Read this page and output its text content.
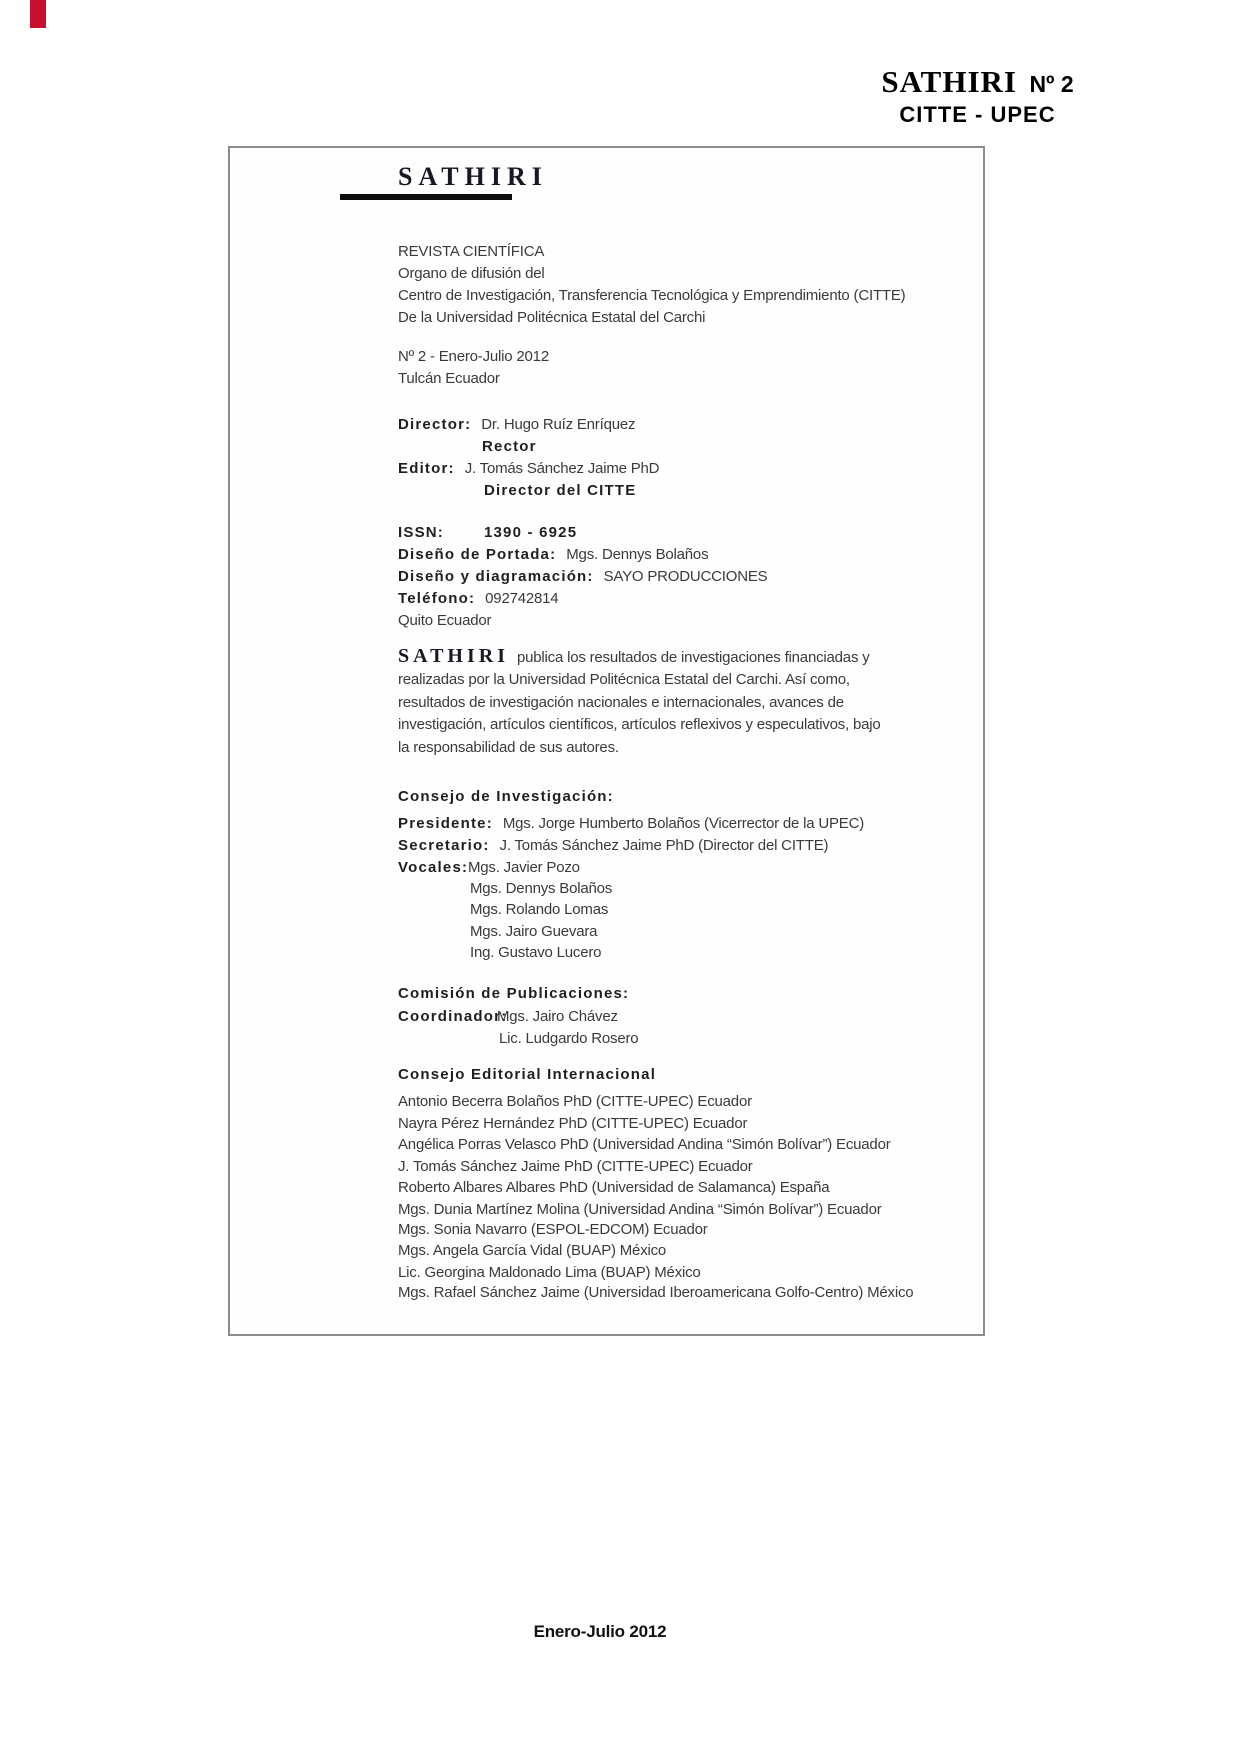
SATHIRI Nº 2
CITTE - UPEC
SATHIRI
REVISTA CIENTÍFICA
Organo de difusión del
Centro de Investigación, Transferencia Tecnológica y Emprendimiento (CITTE)
De la Universidad Politécnica Estatal del Carchi
Nº 2 - Enero-Julio 2012
Tulcán Ecuador
Director: Dr. Hugo Ruíz Enríquez
Rector
Editor: J. Tomás Sánchez Jaime PhD
Director del CITTE
ISSN:	1390 - 6925
Diseño de Portada: Mgs. Dennys Bolaños
Diseño y diagramación: SAYO PRODUCCIONES
Teléfono: 092742814
Quito Ecuador
SATHIRI publica los resultados de investigaciones financiadas y realizadas por la Universidad Politécnica Estatal del Carchi. Así como, resultados de investigación nacionales e internacionales, avances de investigación, artículos científicos, artículos reflexivos y especulativos, bajo la responsabilidad de sus autores.
Consejo de Investigación:
Presidente: Mgs. Jorge Humberto Bolaños (Vicerrector de la UPEC)
Secretario: J. Tomás Sánchez Jaime PhD (Director del CITTE)
Vocales: Mgs. Javier Pozo
Mgs. Dennys Bolaños
Mgs. Rolando Lomas
Mgs. Jairo Guevara
Ing. Gustavo Lucero
Comisión de Publicaciones:
Coordinador: Mgs. Jairo Chávez
Lic. Ludgardo Rosero
Consejo Editorial Internacional
Antonio Becerra Bolaños PhD (CITTE-UPEC) Ecuador
Nayra Pérez Hernández PhD (CITTE-UPEC) Ecuador
Angélica Porras Velasco PhD (Universidad Andina “Simón Bolívar”) Ecuador
J. Tomás Sánchez Jaime PhD (CITTE-UPEC) Ecuador
Roberto Albares Albares PhD (Universidad de Salamanca) España
Mgs. Dunia Martínez Molina (Universidad Andina “Simón Bolívar”) Ecuador
Mgs. Sonia Navarro (ESPOL-EDCOM) Ecuador
Mgs. Angela García Vidal (BUAP) México
Lic. Georgina Maldonado Lima (BUAP) México
Mgs. Rafael Sánchez Jaime (Universidad Iberoamericana Golfo-Centro) México
Enero-Julio 2012
